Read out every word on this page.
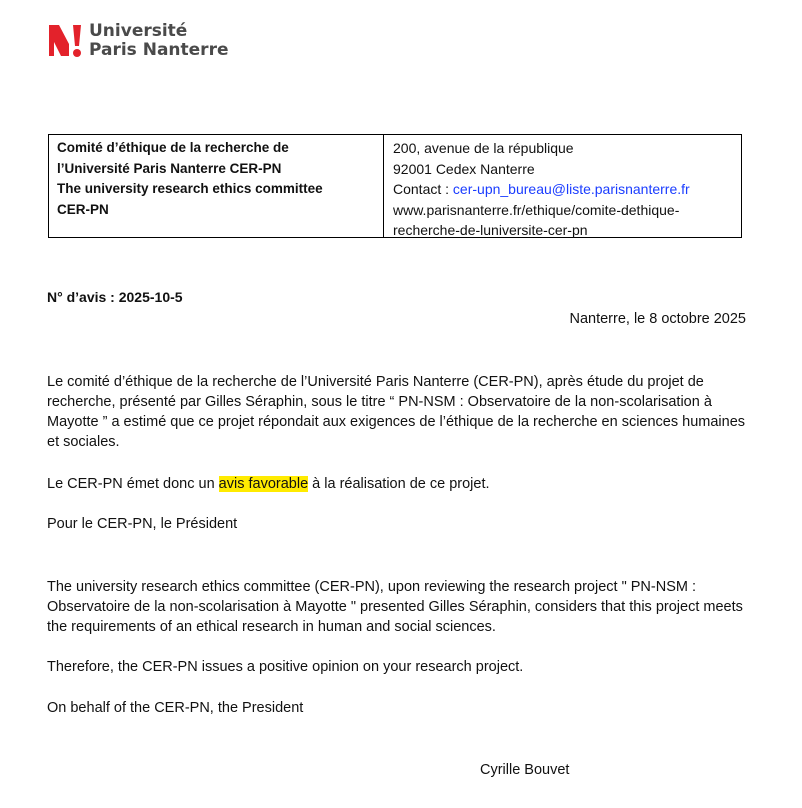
Université
Paris Nanterre
Comité d’éthique de la recherche de
l’Université Paris Nanterre CER-PN
The university research ethics committee
CER-PN
200, avenue de la république
92001 Cedex Nanterre
Contact : cer-upn_bureau@liste.parisnanterre.fr
www.parisnanterre.fr/ethique/comite-dethique-
recherche-de-luniversite-cer-pn
N° d’avis : 2025-10-5
Nanterre, le 8 octobre 2025

Le comité d’éthique de la recherche de l’Université Paris Nanterre (CER-PN), après étude du projet de recherche, présenté par Gilles Séraphin, sous le titre “ PN-NSM : Observatoire de la non-scolarisation à Mayotte ” a estimé que ce projet répondait aux exigences de l’éthique de la recherche en sciences humaines et sociales.

Le CER-PN émet donc un avis favorable à la réalisation de ce projet.

Pour le CER-PN, le Président

The university research ethics committee (CER-PN), upon reviewing the research project " PN-NSM : Observatoire de la non-scolarisation à Mayotte " presented Gilles Séraphin, considers that this project meets the requirements of an ethical research in human and social sciences.

Therefore, the CER-PN issues a positive opinion on your research project.

On behalf of the CER-PN, the President

Cyrille Bouvet
